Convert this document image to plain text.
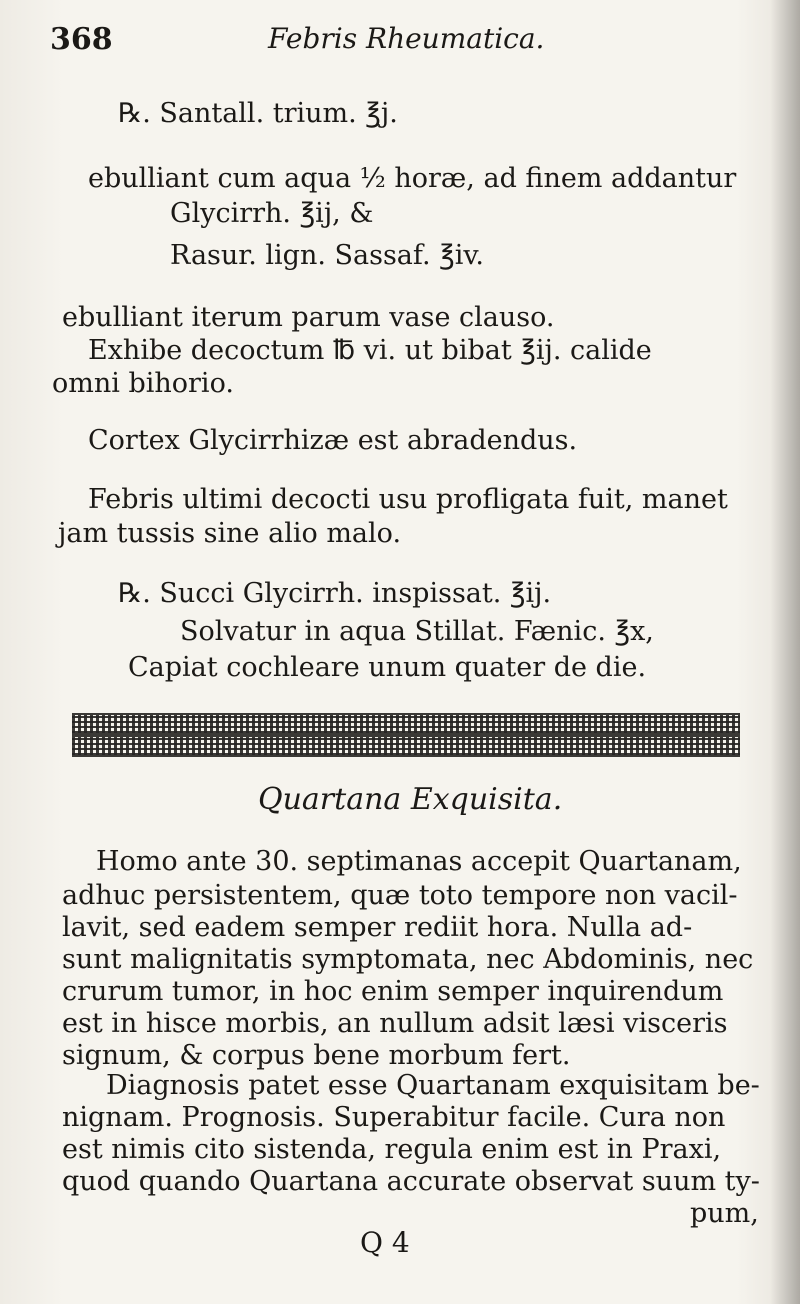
368	Febris Rheumatica.
℞. Santall. trium. ℥j.
ebulliant cum aqua ½ horæ, ad finem addantur
Glycirrh. ℥ij, &
Rasur. lign. Sassaf. ℥iv.
ebulliant iterum parum vase clauso.
Exhibe decoctum ℔ vi. ut bibat ℥ij. calide
omni bihorio.
Cortex Glycirrhizæ est abradendus.
Febris ultimi decocti usu profligata fuit, manet
jam tussis sine alio malo.
℞. Succi Glycirrh. inspissat. ℥ij.
Solvatur in aqua Stillat. Fænic. ℥x,
Capiat cochleare unum quater de die.
Quartana Exquisita.
Homo ante 30. septimanas accepit Quartanam,
adhuc persistentem, quæ toto tempore non vacil-
lavit, sed eadem semper rediit hora. Nulla ad-
sunt malignitatis symptomata, nec Abdominis, nec
crurum tumor, in hoc enim semper inquirendum
est in hisce morbis, an nullum adsit læsi visceris
signum, & corpus bene morbum fert.
Diagnosis patet esse Quartanam exquisitam be-
nignam. Prognosis. Superabitur facile. Cura non
est nimis cito sistenda, regula enim est in Praxi,
quod quando Quartana accurate observat suum ty-
pum,
Q 4
